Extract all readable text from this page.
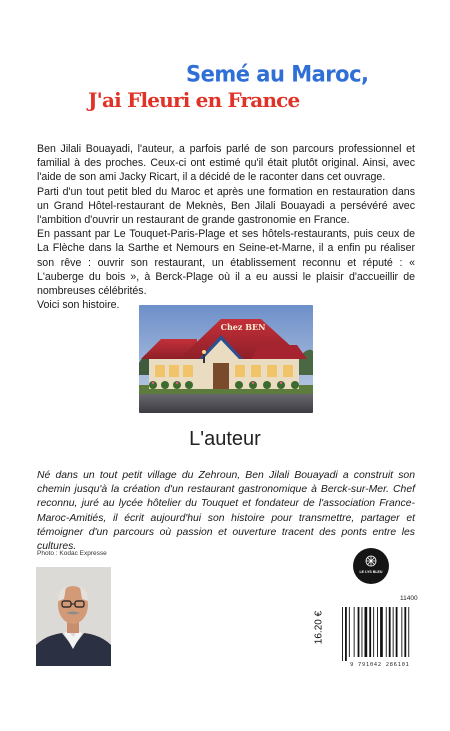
Semé au Maroc,
J'ai Fleuri en France

Ben Jilali Bouayadi, l'auteur, a parfois parlé de son parcours professionnel et familial à des proches. Ceux-ci ont estimé qu'il était plutôt original. Ainsi, avec l'aide de son ami Jacky Ricart, il a décidé de le raconter dans cet ouvrage.

Parti d'un tout petit bled du Maroc et après une formation en restauration dans un Grand Hôtel-restaurant de Meknès, Ben Jilali Bouayadi a persévéré avec l'ambition d'ouvrir un restaurant de grande gastronomie en France.

En passant par Le Touquet-Paris-Plage et ses hôtels-restaurants, puis ceux de La Flèche dans la Sarthe et Nemours en Seine-et-Marne, il a enfin pu réaliser son rêve : ouvrir son restaurant, un établissement reconnu et réputé : « L'auberge du bois », à Berck-Plage où il a eu aussi le plaisir d'accueillir de nombreuses célébrités.

Voici son histoire.

Chez BEN
L'auteur
Né dans un tout petit village du Zehroun, Ben Jilali Bouayadi a construit son chemin jusqu'à la création d'un restaurant gastronomique à Berck-sur-Mer. Chef reconnu, juré au lycée hôtelier du Touquet et fondateur de l'association France-Maroc-Amitiés, il écrit aujourd'hui son histoire pour transmettre, partager et témoigner d'un parcours où passion et ouverture tracent des ponts entre les cultures.
Photo : Kodac Expresse
LE LYS BLEU
11400
16.20 €
9 791042 286101
